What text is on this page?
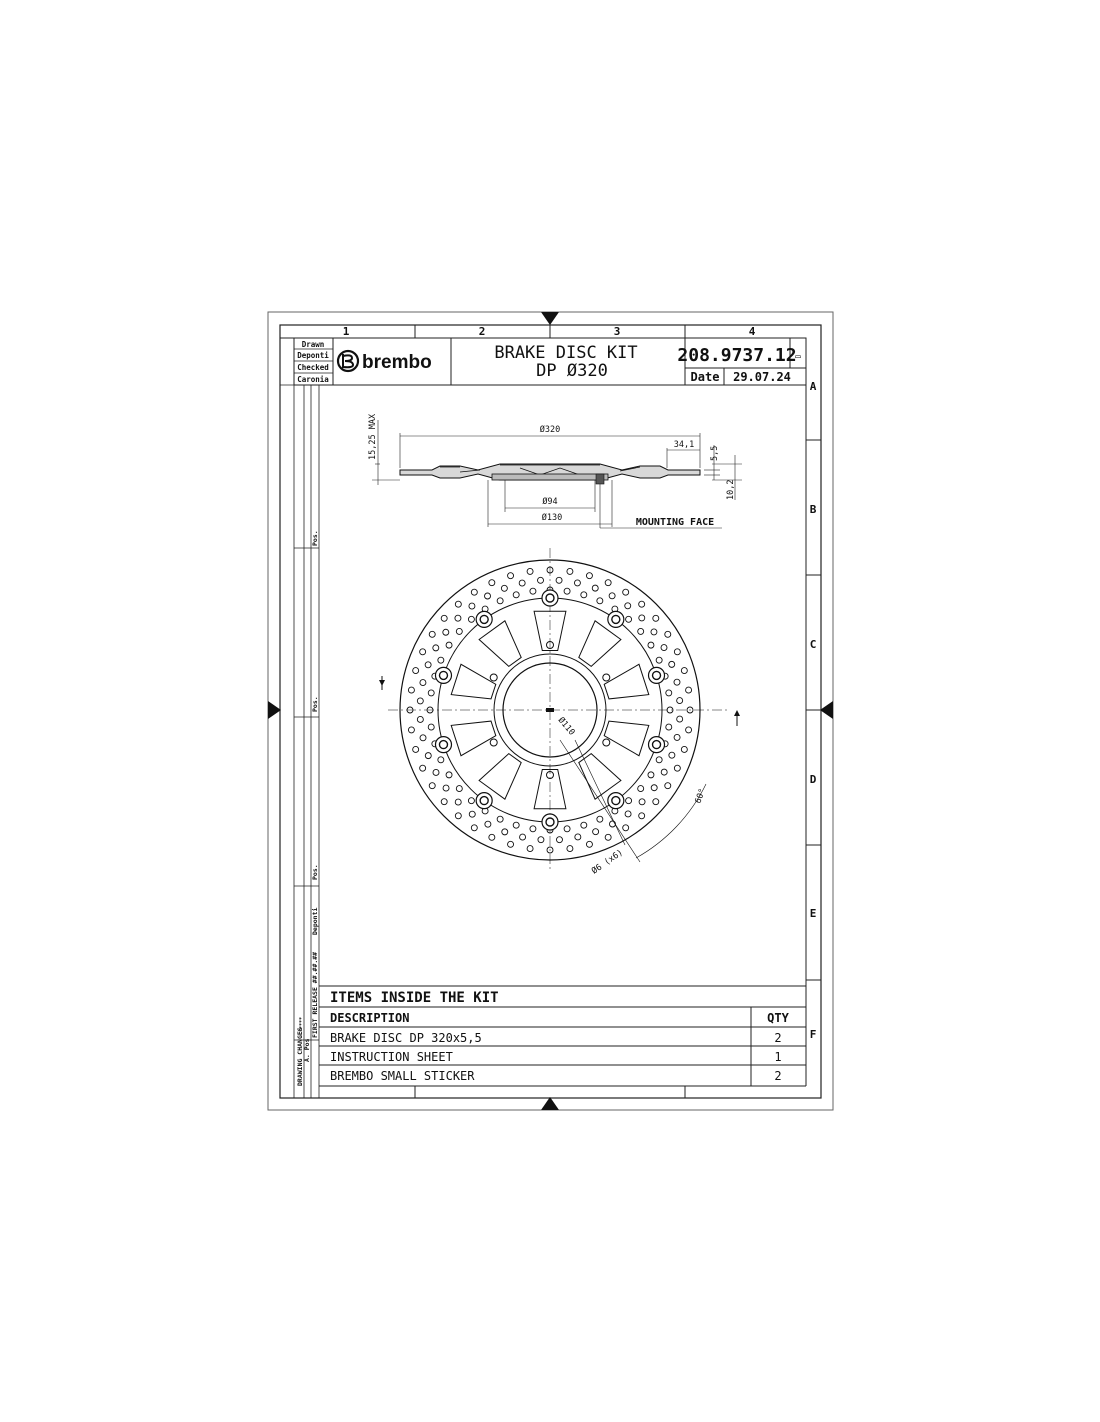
1	2	3	4
A
B
C
D
E
F
Drawn
Deponti
Checked
Caronia
brembo	BRAKE DISC KIT
DP Ø320
208.9737.12
▭
Date 29.07.24
Pos.
Pos.
Pos.
Deponti
FIRST RELEASE ##.##.##
A. Pos
DRAWING CHANGES
*****
15,25 MAX	Ø320
34,1
5,5
10,2
Ø94
Ø130	MOUNTING FACE
Ø110
Ø6 (x6)
60°
ITEMS INSIDE THE KIT
DESCRIPTION	QTY
BRAKE DISC DP 320x5,5	2
INSTRUCTION SHEET	1
BREMBO SMALL STICKER	2
